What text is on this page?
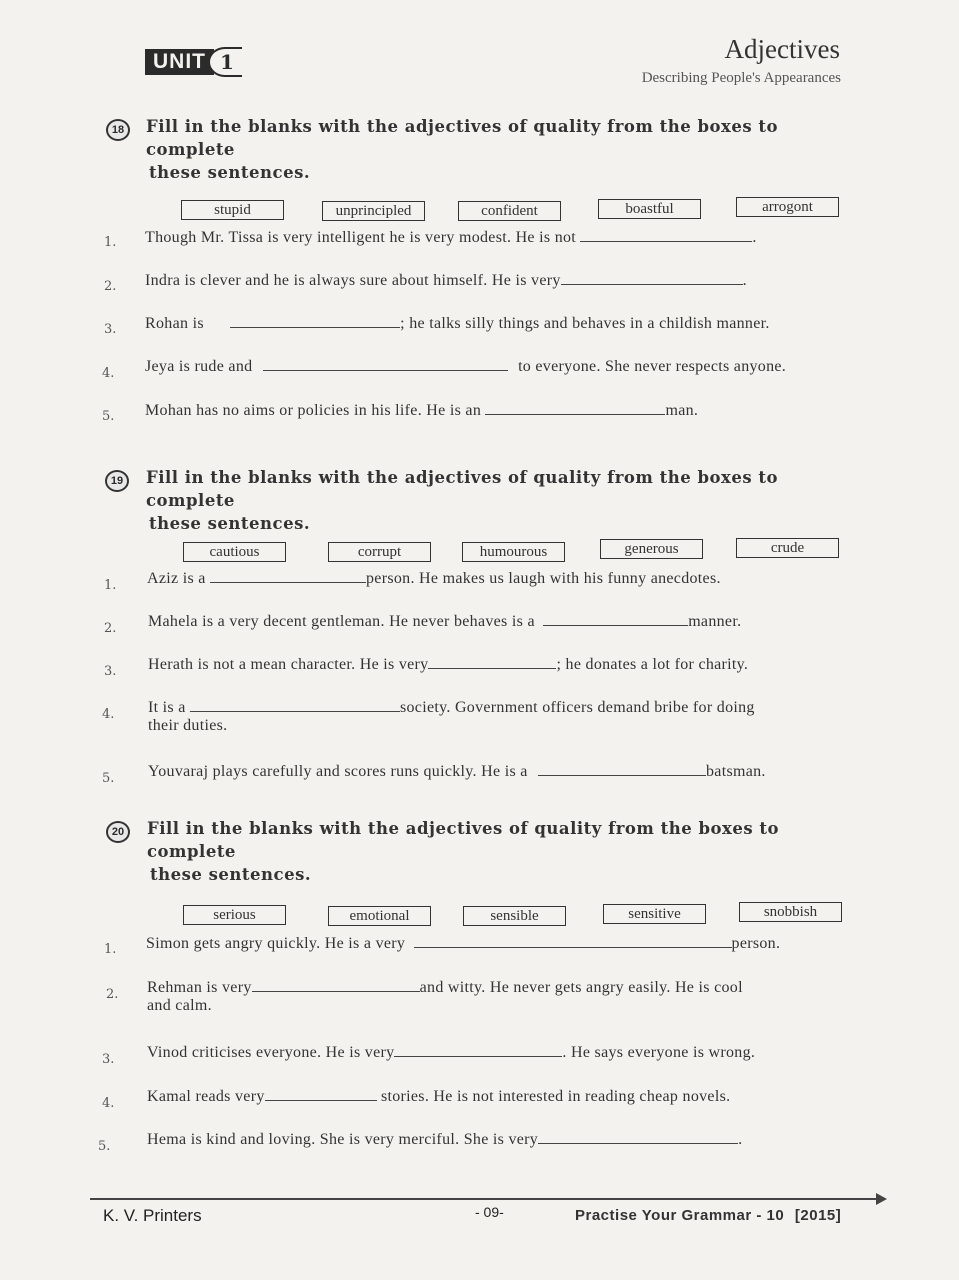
UNIT 1	Adjectives
Describing People's Appearances
18	Fill in the blanks with the adjectives of quality from the boxes to complete
these sentences.
stupid	unprincipled	confident	boastful	arrogont
1. Though Mr. Tissa is very intelligent he is very modest. He is not	.
2. Indra is clever and he is always sure about himself. He is very	.
3. Rohan is	; he talks silly things and behaves in a childish manner.
4. Jeya is rude and	to everyone. She never respects anyone.
5. Mohan has no aims or policies in his life. He is an	man.
19	Fill in the blanks with the adjectives of quality from the boxes to complete
these sentences.
cautious	corrupt	humourous	generous	crude
1. Aziz is a	person. He makes us laugh with his funny anecdotes.
2. Mahela is a very decent gentleman. He never behaves is a	manner.
3. Herath is not a mean character. He is very	; he donates a lot for charity.
4. It is a	society. Government officers demand bribe for doing
their duties.
5. Youvaraj plays carefully and scores runs quickly. He is a	batsman.
20	Fill in the blanks with the adjectives of quality from the boxes to complete
these sentences.
serious	emotional	sensible	sensitive	snobbish
1. Simon gets angry quickly. He is a very	person.
2. Rehman is very	and witty. He never gets angry easily. He is cool
and calm.
3. Vinod criticises everyone. He is very	. He says everyone is wrong.
4. Kamal reads very	stories. He is not interested in reading cheap novels.
5. Hema is kind and loving. She is very merciful. She is very	.
K. V. Printers	- 09-	Practise Your Grammar - 10 [2015]
